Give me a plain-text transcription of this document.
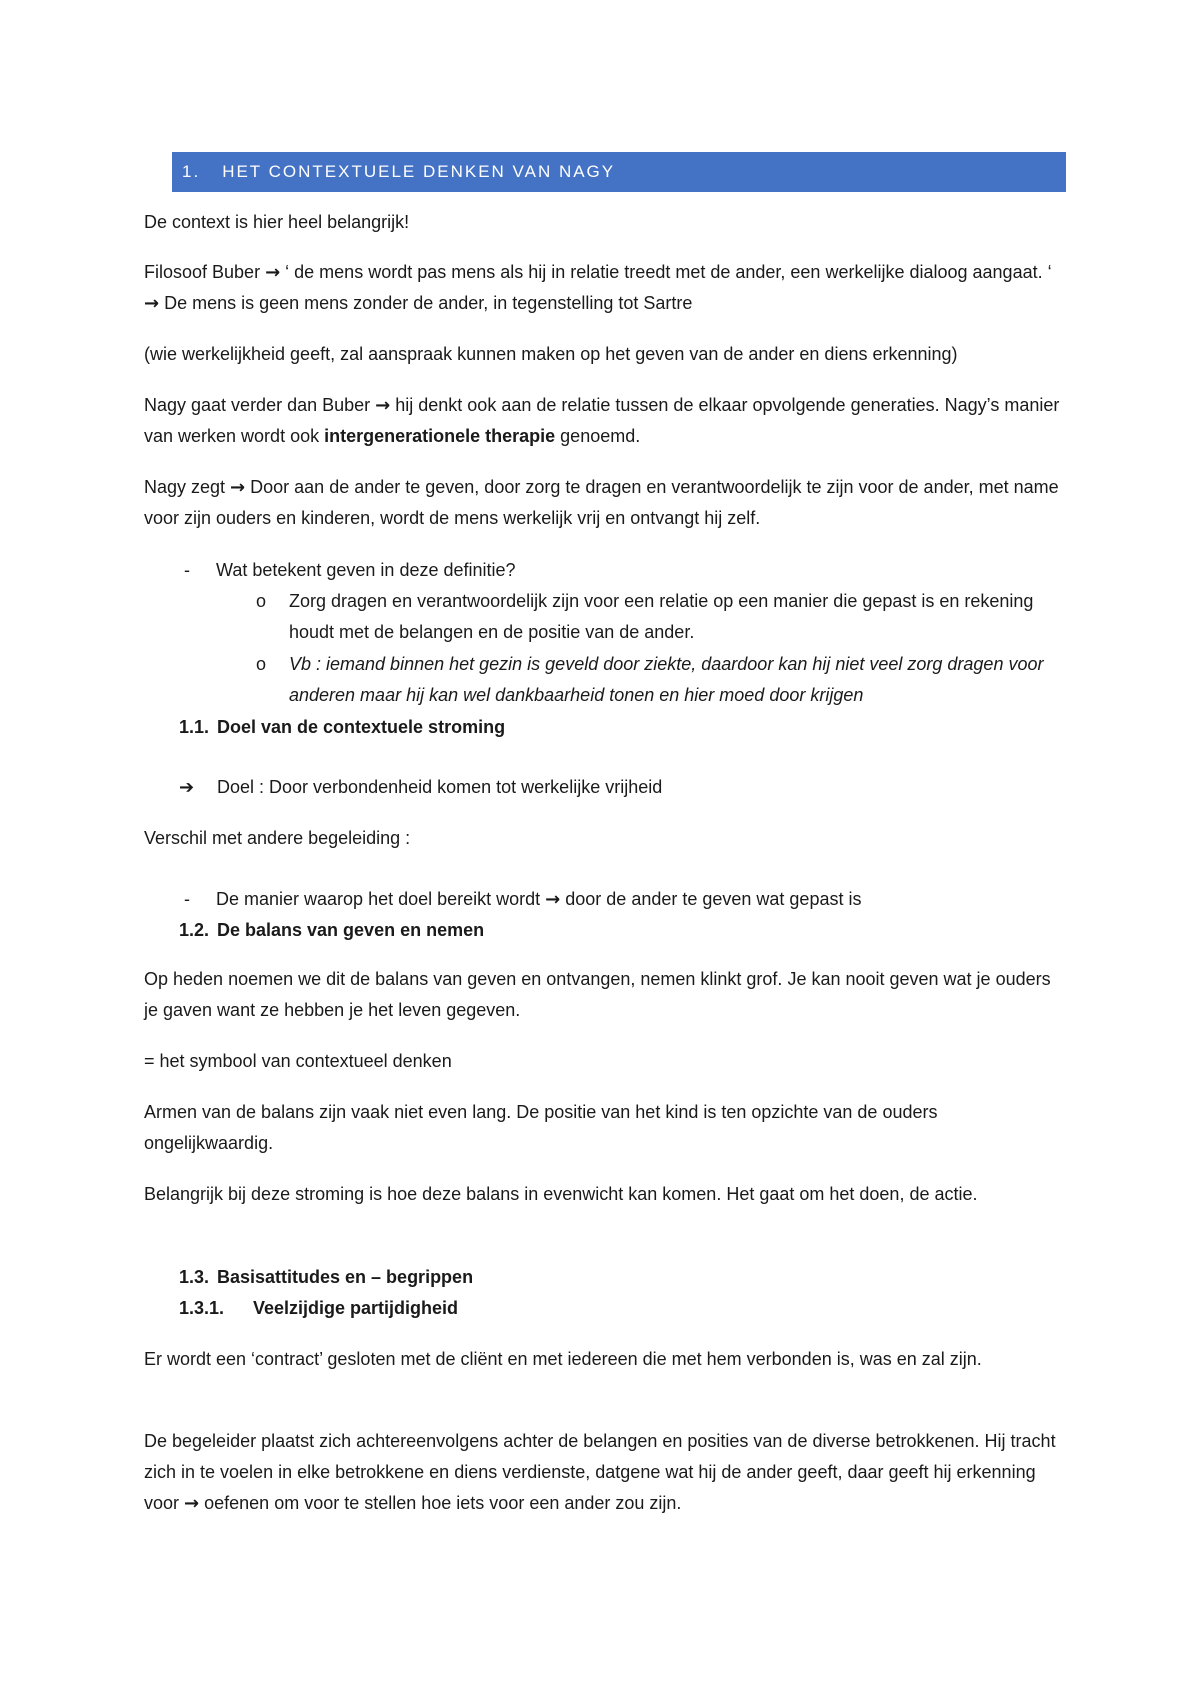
1. HET CONTEXTUELE DENKEN VAN NAGY

De context is hier heel belangrijk!

Filosoof Buber → ‘ de mens wordt pas mens als hij in relatie treedt met de ander, een werkelijke dialoog aangaat. ‘ → De mens is geen mens zonder de ander, in tegenstelling tot Sartre

(wie werkelijkheid geeft, zal aanspraak kunnen maken op het geven van de ander en diens erkenning)

Nagy gaat verder dan Buber → hij denkt ook aan de relatie tussen de elkaar opvolgende generaties. Nagy’s manier van werken wordt ook intergenerationele therapie genoemd.

Nagy zegt → Door aan de ander te geven, door zorg te dragen en verantwoordelijk te zijn voor de ander, met name voor zijn ouders en kinderen, wordt de mens werkelijk vrij en ontvangt hij zelf.

- Wat betekent geven in deze definitie?
o Zorg dragen en verantwoordelijk zijn voor een relatie op een manier die gepast is en rekening houdt met de belangen en de positie van de ander.
o Vb : iemand binnen het gezin is geveld door ziekte, daardoor kan hij niet veel zorg dragen voor anderen maar hij kan wel dankbaarheid tonen en hier moed door krijgen
1.1. Doel van de contextuele stroming
➔ Doel : Door verbondenheid komen tot werkelijke vrijheid

Verschil met andere begeleiding :

- De manier waarop het doel bereikt wordt → door de ander te geven wat gepast is
1.2. De balans van geven en nemen

Op heden noemen we dit de balans van geven en ontvangen, nemen klinkt grof. Je kan nooit geven wat je ouders je gaven want ze hebben je het leven gegeven.

= het symbool van contextueel denken

Armen van de balans zijn vaak niet even lang. De positie van het kind is ten opzichte van de ouders ongelijkwaardig.

Belangrijk bij deze stroming is hoe deze balans in evenwicht kan komen. Het gaat om het doen, de actie.

1.3. Basisattitudes en – begrippen
1.3.1. Veelzijdige partijdigheid

Er wordt een ‘contract’ gesloten met de cliënt en met iedereen die met hem verbonden is, was en zal zijn.

De begeleider plaatst zich achtereenvolgens achter de belangen en posities van de diverse betrokkenen. Hij tracht zich in te voelen in elke betrokkene en diens verdienste, datgene wat hij de ander geeft, daar geeft hij erkenning voor → oefenen om voor te stellen hoe iets voor een ander zou zijn.
